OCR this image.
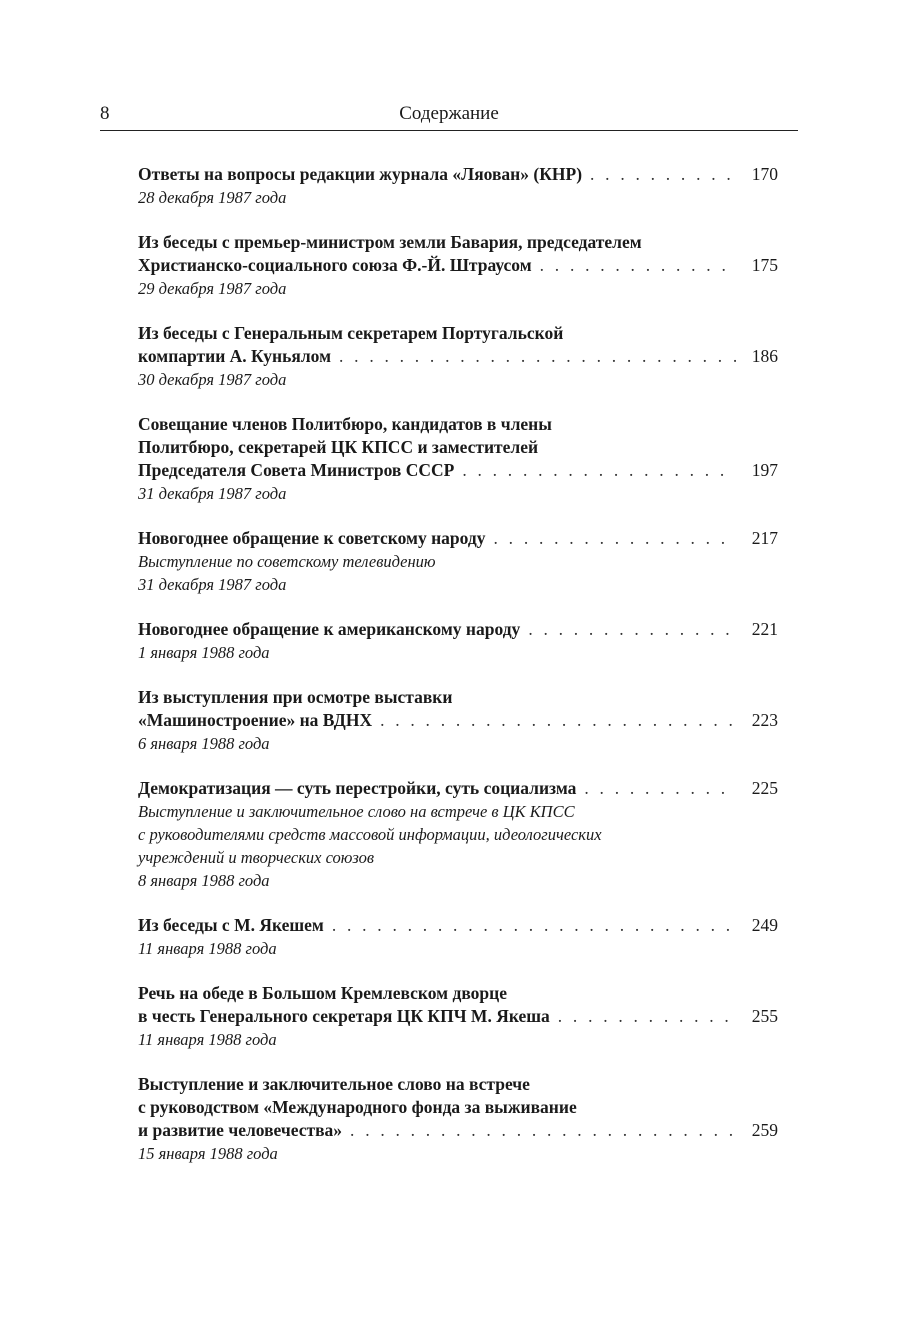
8	Содержание
Ответы на вопросы редакции журнала «Ляован» (КНР) . . .	170
28 декабря 1987 года
Из беседы с премьер-министром земли Бавария, председателем
Христианско-социального союза Ф.-Й. Штраусом . . .	175
29 декабря 1987 года
Из беседы с Генеральным секретарем Португальской
компартии А. Куньялом . . .	186
30 декабря 1987 года
Совещание членов Политбюро, кандидатов в члены
Политбюро, секретарей ЦК КПСС и заместителей
Председателя Совета Министров СССР . . .	197
31 декабря 1987 года
Новогоднее обращение к советскому народу . . .	217
Выступление по советскому телевидению
31 декабря 1987 года
Новогоднее обращение к американскому народу . . .	221
1 января 1988 года
Из выступления при осмотре выставки
«Машиностроение» на ВДНХ . . .	223
6 января 1988 года
Демократизация — суть перестройки, суть социализма . . .	225
Выступление и заключительное слово на встрече в ЦК КПСС
с руководителями средств массовой информации, идеологических
учреждений и творческих союзов
8 января 1988 года
Из беседы с М. Якешем . . .	249
11 января 1988 года
Речь на обеде в Большом Кремлевском дворце
в честь Генерального секретаря ЦК КПЧ М. Якеша . . .	255
11 января 1988 года
Выступление и заключительное слово на встрече
с руководством «Международного фонда за выживание
и развитие человечества» . . .	259
15 января 1988 года
